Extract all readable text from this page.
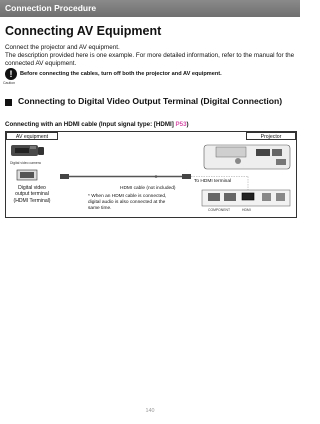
Connection Procedure
Connecting AV Equipment
Connect the projector and AV equipment.
The description provided here is one example. For more detailed information, refer to the manual for the connected AV equipment.
!
Caution
Before connecting the cables, turn off both the projector and AV equipment.
Connecting to Digital Video Output Terminal (Digital Connection)
Connecting with an HDMI cable (Input signal type: [HDMI] P53)
AV equipment	Projector
Digital video camera
Digital video
output terminal
(HDMI Terminal)
HDMI cable (not included)
* When an HDMI cable is connected,
digital audio is also connected at the
same time.
To HDMI terminal
COMPONENT	HDMI
140
